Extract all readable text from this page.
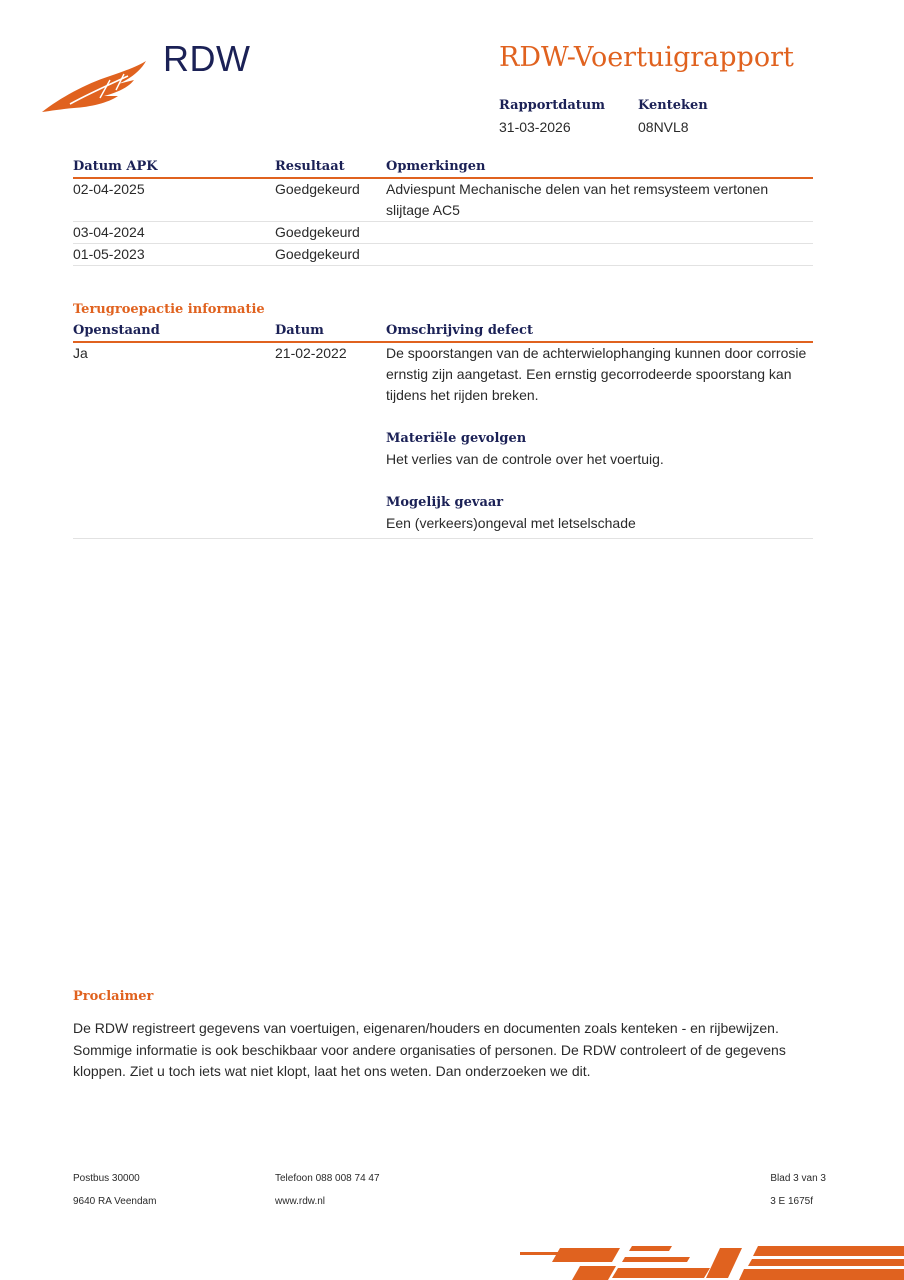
RDW	RDW-Voertuigrapport
Rapportdatum
31-03-2026
Kenteken
08NVL8
Datum APK	Resultaat	Opmerkingen
02-04-2025	Goedgekeurd	Adviespunt Mechanische delen van het remsysteem vertonen slijtage AC5
03-04-2024	Goedgekeurd
01-05-2023	Goedgekeurd
Terugroepactie informatie
Openstaand	Datum	Omschrijving defect
Ja	21-02-2022	De spoorstangen van de achterwielophanging kunnen door corrosie ernstig zijn aangetast. Een ernstig gecorrodeerde spoorstang kan tijdens het rijden breken.
Materiële gevolgen
Het verlies van de controle over het voertuig.
Mogelijk gevaar
Een (verkeers)ongeval met letselschade
Proclaimer
De RDW registreert gegevens van voertuigen, eigenaren/houders en documenten zoals kenteken - en rijbewijzen. Sommige informatie is ook beschikbaar voor andere organisaties of personen. De RDW controleert of de gegevens kloppen. Ziet u toch iets wat niet klopt, laat het ons weten. Dan onderzoeken we dit.
Postbus 30000
9640 RA Veendam
Telefoon 088 008 74 47
www.rdw.nl
Blad 3 van 3
3 E 1675f
